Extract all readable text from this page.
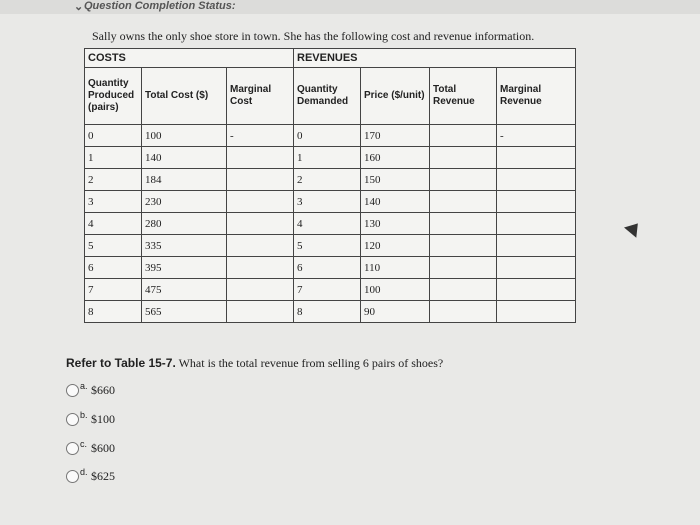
⌄ Question Completion Status:
Sally owns the only shoe store in town. She has the following cost and revenue information.
COSTS			REVENUES			
Quantity Produced (pairs)	Total Cost ($)	Marginal Cost	Quantity Demanded	Price ($/unit)	Total Revenue	Marginal Revenue
0	100	-	0	170		-
1	140		1	160		
2	184		2	150		
3	230		3	140		
4	280		4	130		
5	335		5	120		
6	395		6	110		
7	475		7	100		
8	565		8	90		
Refer to Table 15-7. What is the total revenue from selling 6 pairs of shoes?
a. $660
b. $100
c. $600
d. $625
